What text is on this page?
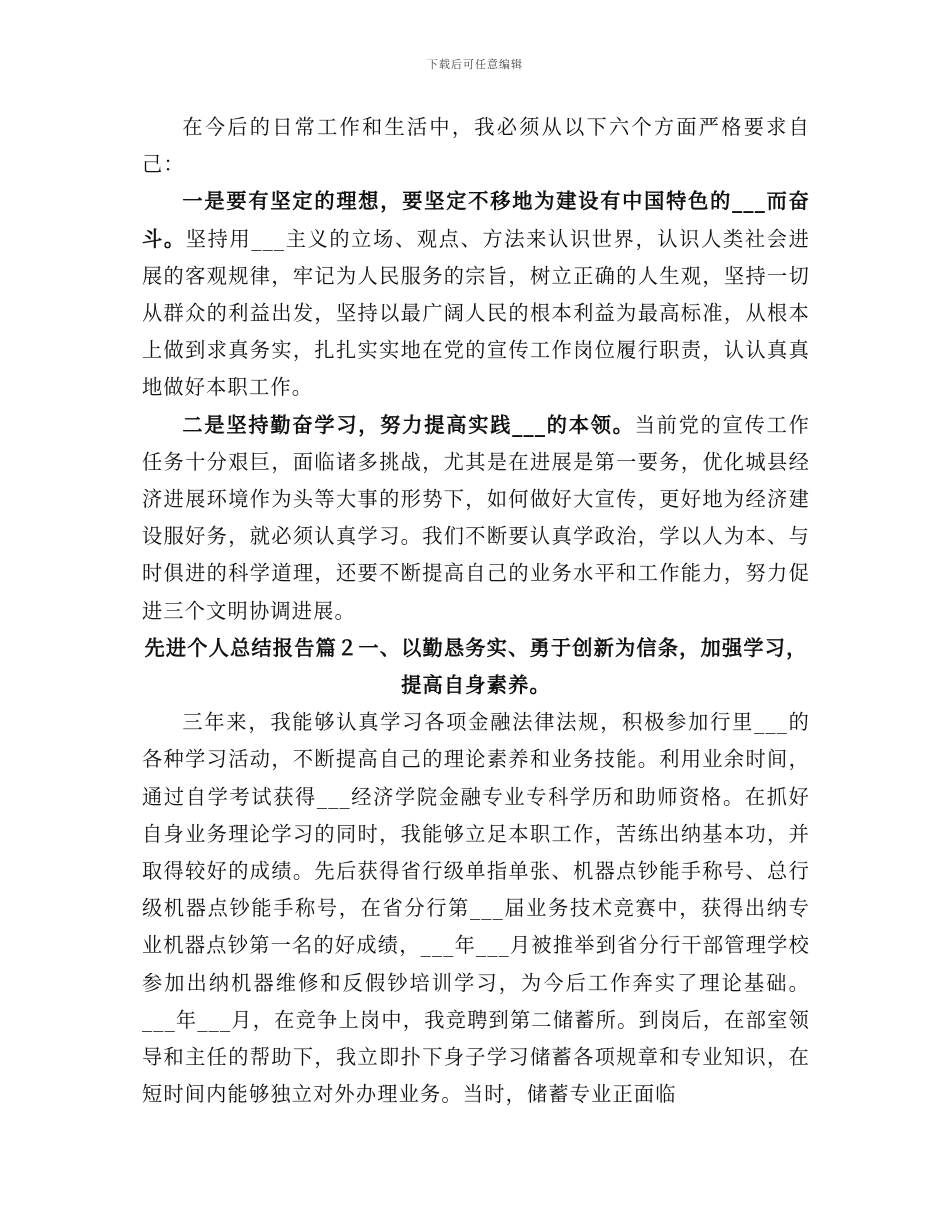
下载后可任意编辑

在今后的日常工作和生活中，我必须从以下六个方面严格要求自己：

一是要有坚定的理想，要坚定不移地为建设有中国特色的___而奋斗。坚持用___主义的立场、观点、方法来认识世界，认识人类社会进展的客观规律，牢记为人民服务的宗旨，树立正确的人生观，坚持一切从群众的利益出发，坚持以最广阔人民的根本利益为最高标准，从根本上做到求真务实，扎扎实实地在党的宣传工作岗位履行职责，认认真真地做好本职工作。

二是坚持勤奋学习，努力提高实践___的本领。当前党的宣传工作任务十分艰巨，面临诸多挑战，尤其是在进展是第一要务，优化城县经济进展环境作为头等大事的形势下，如何做好大宣传，更好地为经济建设服好务，就必须认真学习。我们不断要认真学政治，学以人为本、与时俱进的科学道理，还要不断提高自己的业务水平和工作能力，努力促进三个文明协调进展。

先进个人总结报告篇２一、以勤恳务实、勇于创新为信条，加强学习，提高自身素养。

三年来，我能够认真学习各项金融法律法规，积极参加行里___的各种学习活动，不断提高自己的理论素养和业务技能。利用业余时间，通过自学考试获得___经济学院金融专业专科学历和助师资格。在抓好自身业务理论学习的同时，我能够立足本职工作，苦练出纳基本功，并取得较好的成绩。先后获得省行级单指单张、机器点钞能手称号、总行级机器点钞能手称号，在省分行第___届业务技术竞赛中，获得出纳专业机器点钞第一名的好成绩，___年___月被推举到省分行干部管理学校参加出纳机器维修和反假钞培训学习，为今后工作奔实了理论基础。___年___月，在竞争上岗中，我竞聘到第二储蓄所。到岗后，在部室领导和主任的帮助下，我立即扑下身子学习储蓄各项规章和专业知识，在短时间内能够独立对外办理业务。当时，储蓄专业正面临
